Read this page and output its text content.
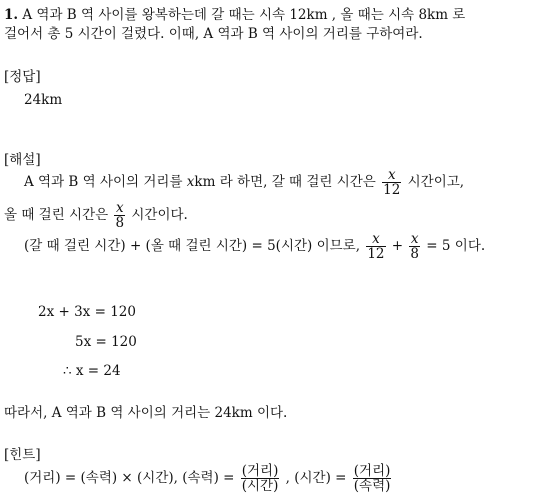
1. A 역과 B 역 사이를 왕복하는데 갈 때는 시속 12km , 올 때는 시속 8km 로
걸어서 총 5 시간이 걸렸다. 이때, A 역과 B 역 사이의 거리를 구하여라.
[정답]
24km
[해설]
A 역과 B 역 사이의 거리를 xkm 라 하면, 갈 때 걸린 시간은 $\frac{x}{12}$ 시간이고,
올 때 걸린 시간은 $\frac{x}{8}$ 시간이다.
(갈 때 걸린 시간) + (올 때 걸린 시간) = 5(시간) 이므로, $\frac{x}{12} + \frac{x}{8} = 5$ 이다.
2x + 3x = 120
5x = 120
∴ x = 24
따라서, A 역과 B 역 사이의 거리는 24km 이다.
[힌트]
(거리) = (속력) × (시간), (속력) = $\frac{\text{(거리)}}{\text{(시간)}}$ , (시간) = $\frac{\text{(거리)}}{\text{(속력)}}$
